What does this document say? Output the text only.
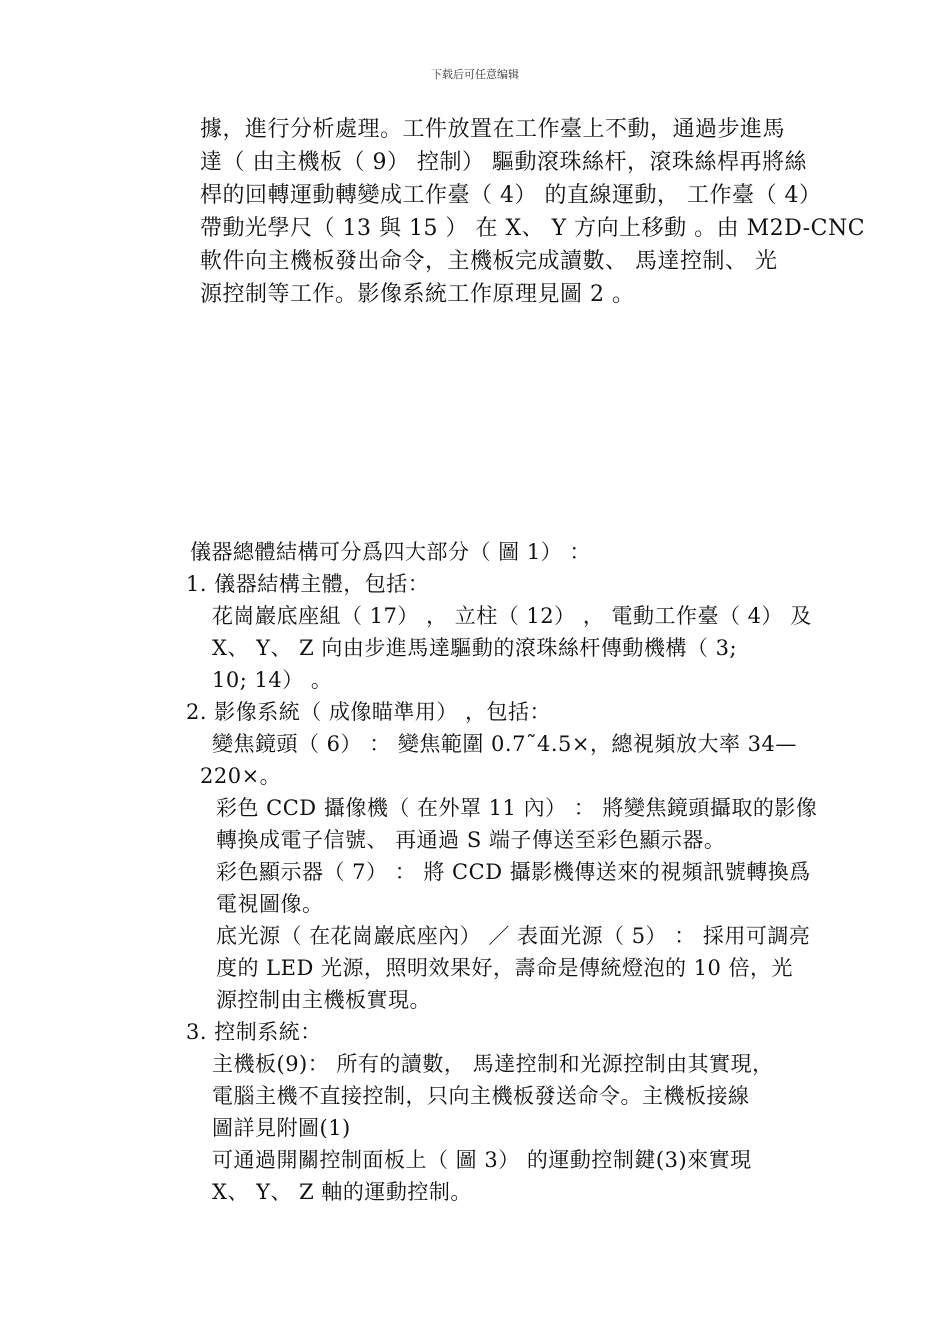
下载后可任意编辑
據，進行分析處理。工件放置在工作臺上不動，通過步進馬
達（ 由主機板（ 9） 控制） 驅動滾珠絲杆，滾珠絲桿再將絲
桿的回轉運動轉變成工作臺（ 4） 的直線運動， 工作臺（ 4）
帶動光學尺（ 13 與 15 ） 在 X、 Y 方向上移動 。由 M2D-CNC
軟件向主機板發出命令，主機板完成讀數、 馬達控制、 光
源控制等工作。影像系統工作原理見圖 2 。
儀器總體結構可分爲四大部分（ 圖 1） ：
1. 儀器結構主體，包括：
花崗巖底座組（ 17） ， 立柱（ 12） ， 電動工作臺（ 4） 及
X、 Y、 Z 向由步進馬達驅動的滾珠絲杆傳動機構（ 3;
10; 14） 。
2. 影像系統（ 成像瞄準用） ，包括：
變焦鏡頭（ 6） ： 變焦範圍 0.7˜4.5×，總視頻放大率 34—
220×。
彩色 CCD 攝像機（ 在外罩 11 內） ： 將變焦鏡頭攝取的影像
轉換成電子信號、 再通過 S 端子傳送至彩色顯示器。
彩色顯示器（ 7） ： 將 CCD 攝影機傳送來的視頻訊號轉換爲
電視圖像。
底光源（ 在花崗巖底座內） ／ 表面光源（ 5） ： 採用可調亮
度的 LED 光源，照明效果好，壽命是傳統燈泡的 10 倍，光
源控制由主機板實現。
3. 控制系統：
主機板(9)： 所有的讀數， 馬達控制和光源控制由其實現，
電腦主機不直接控制，只向主機板發送命令。主機板接線
圖詳見附圖(1)
可通過開關控制面板上（ 圖 3） 的運動控制鍵(3)來實現
X、 Y、 Z 軸的運動控制。
